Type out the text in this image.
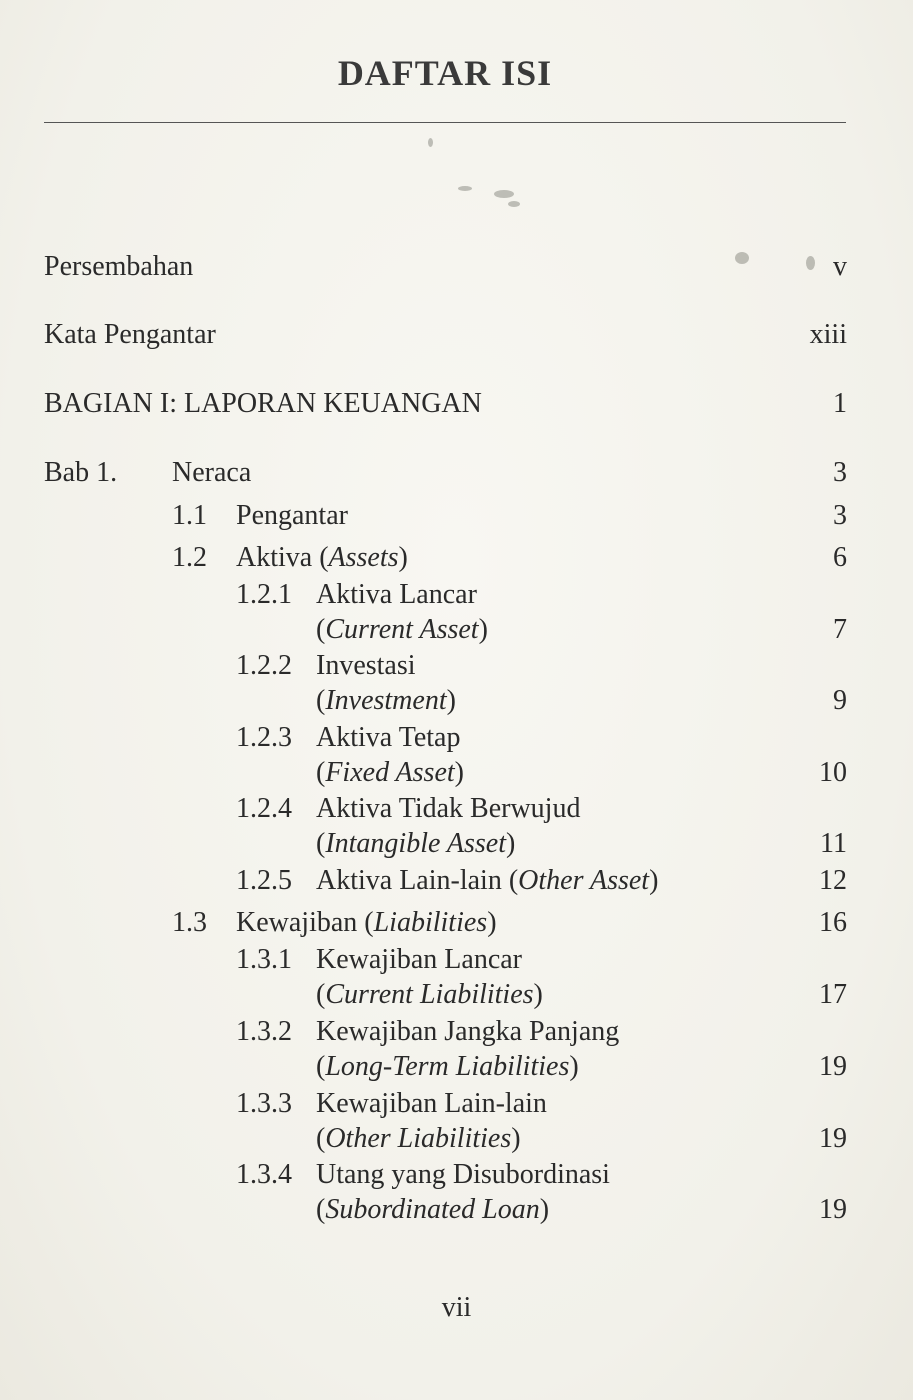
DAFTAR ISI
Persembahan	v
Kata Pengantar	xiii
BAGIAN I: LAPORAN KEUANGAN	1
Bab 1. Neraca	3
1.1 Pengantar	3
1.2 Aktiva (Assets)	6
1.2.1 Aktiva Lancar
(Current Asset)	7
1.2.2 Investasi
(Investment)	9
1.2.3 Aktiva Tetap
(Fixed Asset)	10
1.2.4 Aktiva Tidak Berwujud
(Intangible Asset)	11
1.2.5 Aktiva Lain-lain (Other Asset)	12
1.3 Kewajiban (Liabilities)	16
1.3.1 Kewajiban Lancar
(Current Liabilities)	17
1.3.2 Kewajiban Jangka Panjang
(Long-Term Liabilities)	19
1.3.3 Kewajiban Lain-lain
(Other Liabilities)	19
1.3.4 Utang yang Disubordinasi
(Subordinated Loan)	19
vii
